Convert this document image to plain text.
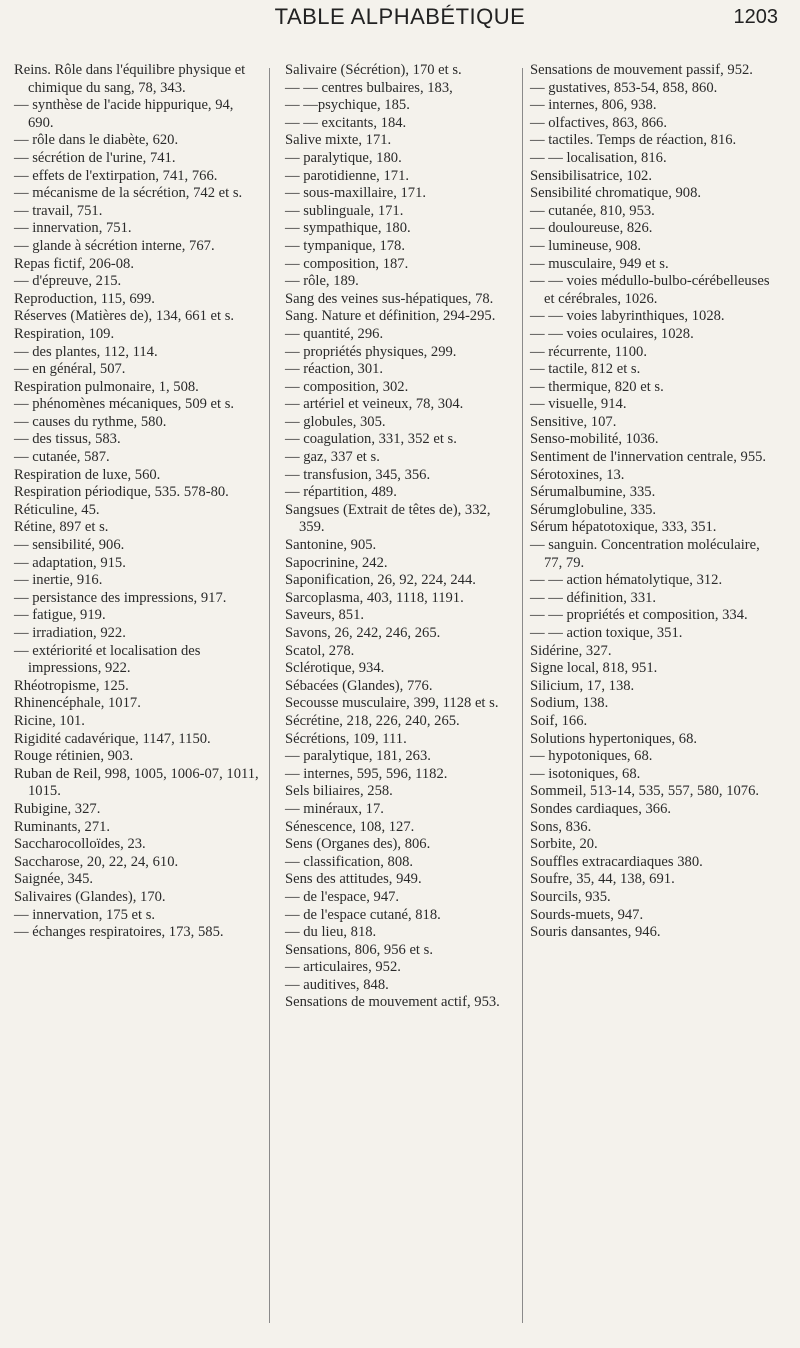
TABLE ALPHABÉTIQUE	1203

Reins. Rôle dans l'équilibre physique et chimique du sang, 78, 343.

— synthèse de l'acide hippurique, 94, 690.

— rôle dans le diabète, 620.

— sécrétion de l'urine, 741.

— effets de l'extirpation, 741, 766.

— mécanisme de la sécrétion, 742 et s.

— travail, 751.

— innervation, 751.

— glande à sécrétion interne, 767.

Repas fictif, 206-08.

— d'épreuve, 215.

Reproduction, 115, 699.

Réserves (Matières de), 134, 661 et s.

Respiration, 109.

— des plantes, 112, 114.

— en général, 507.

Respiration pulmonaire, 1, 508.

— phénomènes mécaniques, 509 et s.

— causes du rythme, 580.

— des tissus, 583.

— cutanée, 587.

Respiration de luxe, 560.

Respiration périodique, 535. 578-80.

Réticuline, 45.

Rétine, 897 et s.

— sensibilité, 906.

— adaptation, 915.

— inertie, 916.

— persistance des impressions, 917.

— fatigue, 919.

— irradiation, 922.

— extériorité et localisation des impressions, 922.

Rhéotropisme, 125.

Rhinencéphale, 1017.

Ricine, 101.

Rigidité cadavérique, 1147, 1150.

Rouge rétinien, 903.

Ruban de Reil, 998, 1005, 1006-07, 1011, 1015.

Rubigine, 327.

Ruminants, 271.

Saccharocolloïdes, 23.

Saccharose, 20, 22, 24, 610.

Saignée, 345.

Salivaires (Glandes), 170.

— innervation, 175 et s.

— échanges respiratoires, 173, 585.

Salivaire (Sécrétion), 170 et s.

— — centres bulbaires, 183,

— —psychique, 185.

— — excitants, 184.

Salive mixte, 171.

— paralytique, 180.

— parotidienne, 171.

— sous-maxillaire, 171.

— sublinguale, 171.

— sympathique, 180.

— tympanique, 178.

— composition, 187.

— rôle, 189.

Sang des veines sus-hépatiques, 78.

Sang. Nature et définition, 294-295.

— quantité, 296.

— propriétés physiques, 299.

— réaction, 301.

— composition, 302.

— artériel et veineux, 78, 304.

— globules, 305.

— coagulation, 331, 352 et s.

— gaz, 337 et s.

— transfusion, 345, 356.

— répartition, 489.

Sangsues (Extrait de têtes de), 332, 359.

Santonine, 905.

Sapocrinine, 242.

Saponification, 26, 92, 224, 244.

Sarcoplasma, 403, 1118, 1191.

Saveurs, 851.

Savons, 26, 242, 246, 265.

Scatol, 278.

Sclérotique, 934.

Sébacées (Glandes), 776.

Secousse musculaire, 399, 1128 et s.

Sécrétine, 218, 226, 240, 265.

Sécrétions, 109, 111.

— paralytique, 181, 263.

— internes, 595, 596, 1182.

Sels biliaires, 258.

— minéraux, 17.

Sénescence, 108, 127.

Sens (Organes des), 806.

— classification, 808.

Sens des attitudes, 949.

— de l'espace, 947.

— de l'espace cutané, 818.

— du lieu, 818.

Sensations, 806, 956 et s.

— articulaires, 952.

— auditives, 848.

Sensations de mouvement actif, 953.

Sensations de mouvement passif, 952.

— gustatives, 853-54, 858, 860.

— internes, 806, 938.

— olfactives, 863, 866.

— tactiles. Temps de réaction, 816.

— — localisation, 816.

Sensibilisatrice, 102.

Sensibilité chromatique, 908.

— cutanée, 810, 953.

— douloureuse, 826.

— lumineuse, 908.

— musculaire, 949 et s.

— — voies médullo-bulbo-cérébelleuses et cérébrales, 1026.

— — voies labyrinthiques, 1028.

— — voies oculaires, 1028.

— récurrente, 1100.

— tactile, 812 et s.

— thermique, 820 et s.

— visuelle, 914.

Sensitive, 107.

Senso-mobilité, 1036.

Sentiment de l'innervation centrale, 955.

Sérotoxines, 13.

Sérumalbumine, 335.

Sérumglobuline, 335.

Sérum hépatotoxique, 333, 351.

— sanguin. Concentration moléculaire, 77, 79.

— — action hématolytique, 312.

— — définition, 331.

— — propriétés et composition, 334.

— — action toxique, 351.

Sidérine, 327.

Signe local, 818, 951.

Silicium, 17, 138.

Sodium, 138.

Soif, 166.

Solutions hypertoniques, 68.

— hypotoniques, 68.

— isotoniques, 68.

Sommeil, 513-14, 535, 557, 580, 1076.

Sondes cardiaques, 366.

Sons, 836.

Sorbite, 20.

Souffles extracardiaques 380.

Soufre, 35, 44, 138, 691.

Sourcils, 935.

Sourds-muets, 947.

Souris dansantes, 946.
